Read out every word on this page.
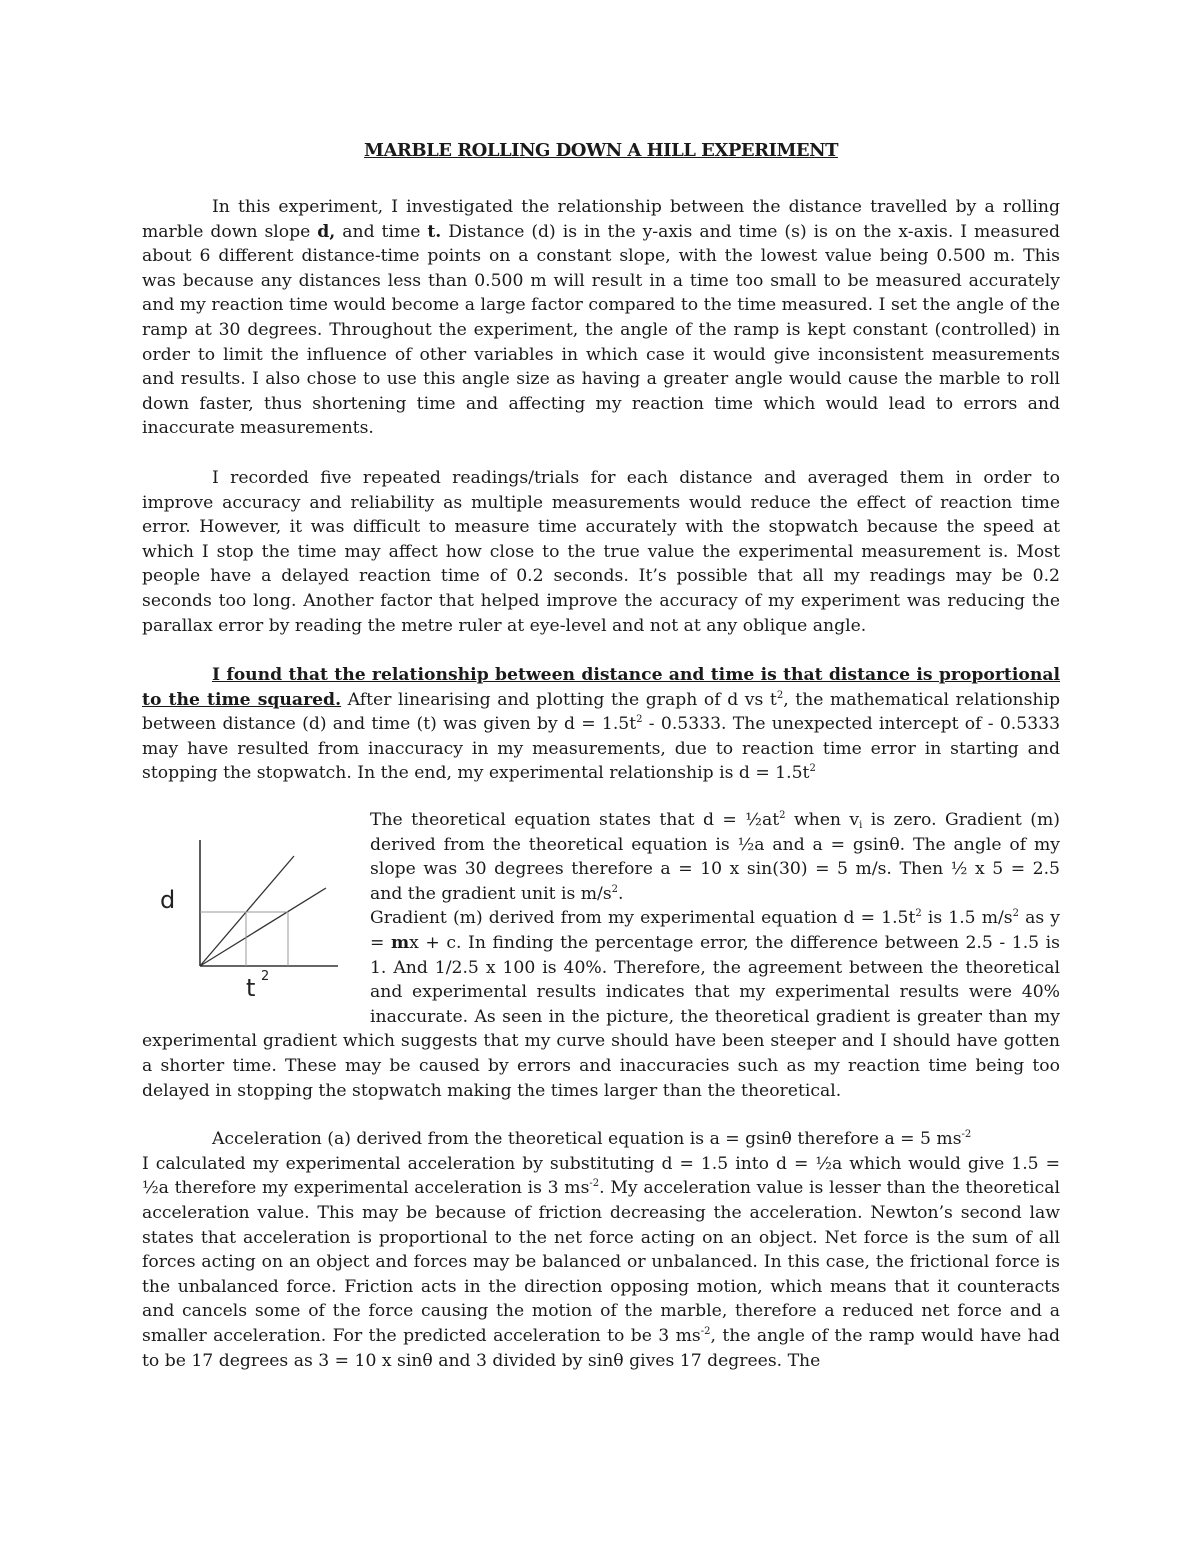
MARBLE ROLLING DOWN A HILL EXPERIMENT

In this experiment, I investigated the relationship between the distance travelled by a rolling marble down slope d, and time t. Distance (d) is in the y-axis and time (s) is on the x-axis. I measured about 6 different distance-time points on a constant slope, with the lowest value being 0.500 m. This was because any distances less than 0.500 m will result in a time too small to be measured accurately and my reaction time would become a large factor compared to the time measured. I set the angle of the ramp at 30 degrees. Throughout the experiment, the angle of the ramp is kept constant (controlled) in order to limit the influence of other variables in which case it would give inconsistent measurements and results. I also chose to use this angle size as having a greater angle would cause the marble to roll down faster, thus shortening time and affecting my reaction time which would lead to errors and inaccurate measurements.

I recorded five repeated readings/trials for each distance and averaged them in order to improve accuracy and reliability as multiple measurements would reduce the effect of reaction time error. However, it was difficult to measure time accurately with the stopwatch because the speed at which I stop the time may affect how close to the true value the experimental measurement is. Most people have a delayed reaction time of 0.2 seconds. It’s possible that all my readings may be 0.2 seconds too long. Another factor that helped improve the accuracy of my experiment was reducing the parallax error by reading the metre ruler at eye-level and not at any oblique angle.

I found that the relationship between distance and time is that distance is proportional to the time squared. After linearising and plotting the graph of d vs $t^2$, the mathematical relationship between distance (d) and time (t) was given by $d = 1.5t^2 - 0.5333$. The unexpected intercept of - 0.5333 may have resulted from inaccuracy in my measurements, due to reaction time error in starting and stopping the stopwatch. In the end, my experimental relationship is $d = 1.5t^2$

d
t 2

The theoretical equation states that $d = \frac{1}{2}at^2$ when $v_i$ is zero. Gradient (m) derived from the theoretical equation is ½a and a = gsinθ. The angle of my slope was 30 degrees therefore a = 10 x sin(30) = 5 m/s. Then ½ x 5 = 2.5 and the gradient unit is $m/s^2$.
Gradient (m) derived from my experimental equation $d = 1.5t^2$ is 1.5 $m/s^2$ as y = mx + c. In finding the percentage error, the difference between 2.5 - 1.5 is 1. And 1/2.5 x 100 is 40%. Therefore, the agreement between the theoretical and experimental results indicates that my experimental results were 40% inaccurate. As seen in the picture, the theoretical gradient is greater than my experimental gradient which suggests that my curve should have been steeper and I should have gotten a shorter time. These may be caused by errors and inaccuracies such as my reaction time being too delayed in stopping the stopwatch making the times larger than the theoretical.

Acceleration (a) derived from the theoretical equation is a = gsinθ therefore a = 5 $ms^{-2}$
I calculated my experimental acceleration by substituting d = 1.5 into d = ½a which would give 1.5 = ½a therefore my experimental acceleration is 3 $ms^{-2}$. My acceleration value is lesser than the theoretical acceleration value. This may be because of friction decreasing the acceleration. Newton’s second law states that acceleration is proportional to the net force acting on an object. Net force is the sum of all forces acting on an object and forces may be balanced or unbalanced. In this case, the frictional force is the unbalanced force. Friction acts in the direction opposing motion, which means that it counteracts and cancels some of the force causing the motion of the marble, therefore a reduced net force and a smaller acceleration. For the predicted acceleration to be 3 $ms^{-2}$, the angle of the ramp would have had to be 17 degrees as 3 = 10 x sinθ and 3 divided by sinθ gives 17 degrees. The
